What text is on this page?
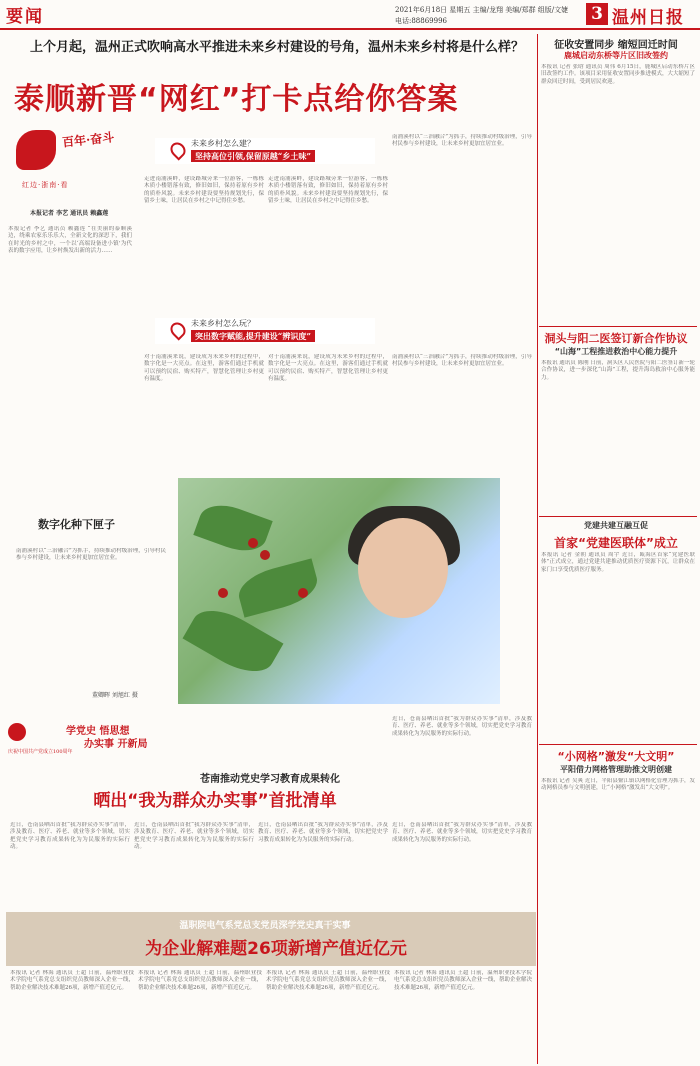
要闻	2021年6月18日 星期五 主编/龙翔 美编/郑群 组版/文婕
电话:88869996	3 温州日报
上个月起，温州正式吹响高水平推进未来乡村建设的号角，温州未来乡村将是什么样？
泰顺新晋“网红”打卡点给你答案
百年·奋斗
红边·浙南·看
本报记者 李艺 通讯员 赖鑫莲
本报记者 李艺 通讯员 赖鑫莲 “在美丽的泰顺溪边，绕乘农家乐乐乐大，全新文化的深思下，我们在时光的乡村之中，一个以‘高端设备进小镇’为代表的数字应用，让乡村焕发出新的活力……
未来乡村怎么建？
坚持高位引领,保留原越“乡土味”
走进南浦溪畔，建设路城旁来一位游客，一栋栋木质小楼错落有致，修旧如旧，保持着原有乡村的质朴风貌。未来乡村建设要坚持规划先行，保留乡土味，让居民在乡村之中记得住乡愁。
走进南浦溪畔，建设路城旁来一位游客，一栋栋木质小楼错落有致，修旧如旧，保持着原有乡村的质朴风貌。未来乡村建设要坚持规划先行，保留乡土味，让居民在乡村之中记得住乡愁。
南浦溪村以“三治融合”为抓手，持续推动村级治理，引导村民参与乡村建设，让未来乡村更加宜居宜业。
未来乡村怎么玩？
突出数字赋能,提升建设“辨识度”
对于南浦溪来说，建设成为未来乡村的过程中，数字化是一大亮点。在这里，游客们通过手机就可以预约民宿、购买特产，智慧化管理让乡村更有温度。
对于南浦溪来说，建设成为未来乡村的过程中，数字化是一大亮点。在这里，游客们通过手机就可以预约民宿、购买特产，智慧化管理让乡村更有温度。
南浦溪村以“三治融合”为抓手，持续推动村级治理，引导村民参与乡村建设，让未来乡村更加宜居宜业。
数字化种下匣子
南浦溪村以“三治融合”为抓手，持续推动村级治理，引导村民参与乡村建设，让未来乡村更加宜居宜业。
董卿晖 刘旭红 摄
学党史 悟思想
办实事 开新局
庆祝中国共产党成立100周年
近日，苍南县晒出首批“我为群众办实事”清单，涉及教育、医疗、养老、就业等多个领域，切实把党史学习教育成果转化为为民服务的实际行动。
苍南推动党史学习教育成果转化
晒出“我为群众办实事”首批清单
近日，苍南县晒出首批“我为群众办实事”清单，涉及教育、医疗、养老、就业等多个领域，切实把党史学习教育成果转化为为民服务的实际行动。
近日，苍南县晒出首批“我为群众办实事”清单，涉及教育、医疗、养老、就业等多个领域，切实把党史学习教育成果转化为为民服务的实际行动。
近日，苍南县晒出首批“我为群众办实事”清单，涉及教育、医疗、养老、就业等多个领域，切实把党史学习教育成果转化为为民服务的实际行动。
近日，苍南县晒出首批“我为群众办实事”清单，涉及教育、医疗、养老、就业等多个领域，切实把党史学习教育成果转化为为民服务的实际行动。
温职院电气系党总支党员深学党史真干实事
为企业解难题26项新增产值近亿元
本报讯 记者 林海 通讯员 王超 日前，温州职业技术学院电气系党总支组织党员教师深入企业一线，帮助企业解决技术难题26项，新增产值近亿元。
本报讯 记者 林海 通讯员 王超 日前，温州职业技术学院电气系党总支组织党员教师深入企业一线，帮助企业解决技术难题26项，新增产值近亿元。
本报讯 记者 林海 通讯员 王超 日前，温州职业技术学院电气系党总支组织党员教师深入企业一线，帮助企业解决技术难题26项，新增产值近亿元。
本报讯 记者 林海 通讯员 王超 日前，温州职业技术学院电气系党总支组织党员教师深入企业一线，帮助企业解决技术难题26项，新增产值近亿元。
征收安置同步 缩短回迁时间
鹿城启动东桥等片区旧改签约
本报讯 记者 张晗 通讯员 周伟 6月15日，鹿城区启动东桥片区旧改签约工作。该项目采用征收安置同步推进模式，大大缩短了群众回迁时间，受到居民欢迎。
洞头与阳二医签订新合作协议
“山海”工程推进救治中心能力提升
本报讯 通讯员 陈刚 日前，洞头区人民医院与阳二医签订新一轮合作协议，进一步深化“山海”工程，提升海岛救治中心服务能力。
党建共建互融互促
首家“党建医联体”成立
本报讯 记者 金朝 通讯员 周宇 近日，瓯海区首家“党建医联体”正式成立，通过党建共建推动优质医疗资源下沉，让群众在家门口享受优质医疗服务。
“小网格”激发“大文明”
平阳借力网格管理助推文明创建
本报讯 记者 吴爽 近日，平阳县鳌江镇以网格化管理为抓手，发动网格员参与文明创建，让“小网格”激发出“大文明”。
